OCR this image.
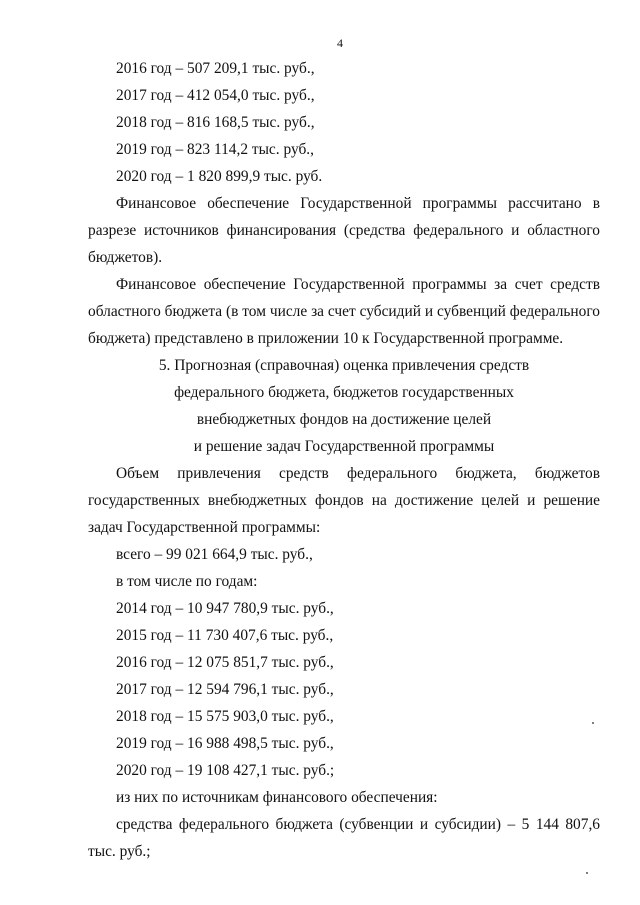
4

2016 год – 507 209,1 тыс. руб.,

2017 год – 412 054,0 тыс. руб.,

2018 год – 816 168,5 тыс. руб.,

2019 год – 823 114,2 тыс. руб.,

2020 год – 1 820 899,9 тыс. руб.

Финансовое обеспечение Государственной программы рассчитано в разрезе источников финансирования (средства федерального и областного бюджетов).

Финансовое обеспечение Государственной программы за счет средств областного бюджета (в том числе за счет субсидий и субвенций федерального бюджета) представлено в приложении 10 к Государственной программе.

5. Прогнозная (справочная) оценка привлечения средств

федерального бюджета, бюджетов государственных

внебюджетных фондов на достижение целей

и решение задач Государственной программы

Объем привлечения средств федерального бюджета, бюджетов государственных внебюджетных фондов на достижение целей и решение задач Государственной программы:

всего – 99 021 664,9 тыс. руб.,

в том числе по годам:

2014 год – 10 947 780,9 тыс. руб.,

2015 год – 11 730 407,6 тыс. руб.,

2016 год – 12 075 851,7 тыс. руб.,

2017 год – 12 594 796,1 тыс. руб.,

2018 год – 15 575 903,0 тыс. руб.,

2019 год – 16 988 498,5 тыс. руб.,

2020 год – 19 108 427,1 тыс. руб.;

из них по источникам финансового обеспечения:

средства федерального бюджета (субвенции и субсидии) – 5 144 807,6 тыс. руб.;
